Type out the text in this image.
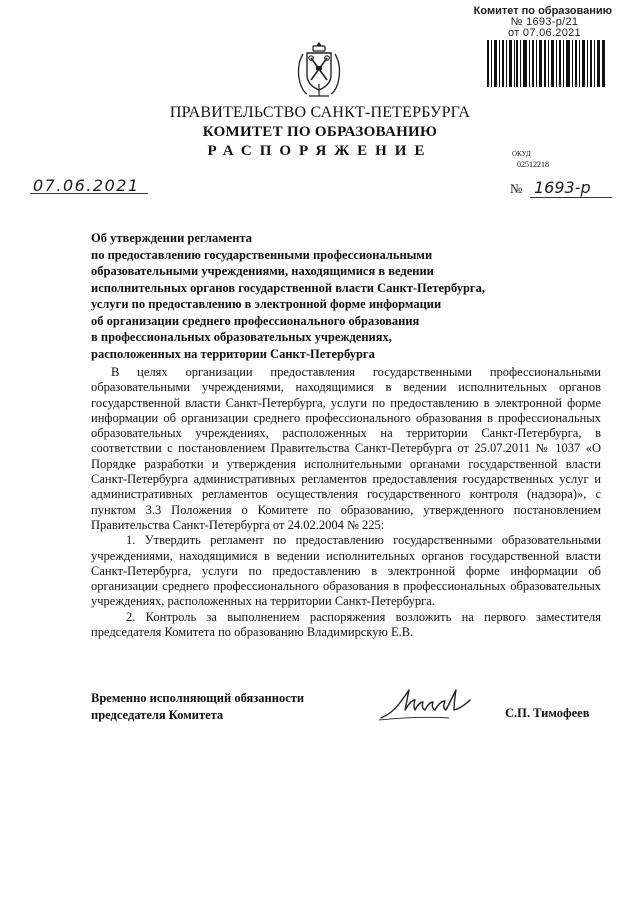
Комитет по образованию
№ 1693-р/21
от 07.06.2021
ПРАВИТЕЛЬСТВО САНКТ-ПЕТЕРБУРГА
КОМИТЕТ ПО ОБРАЗОВАНИЮ
РАСПОРЯЖЕНИЕ	ОКУД
02512218
07.06.2021	№ 1693-р
Об утверждении регламента
по предоставлению государственными профессиональными
образовательными учреждениями, находящимися в ведении
исполнительных органов государственной власти Санкт-Петербурга,
услуги по предоставлению в электронной форме информации
об организации среднего профессионального образования
в профессиональных образовательных учреждениях,
расположенных на территории Санкт-Петербурга

В целях организации предоставления государственными профессиональными образовательными учреждениями, находящимися в ведении исполнительных органов государственной власти Санкт-Петербурга, услуги по предоставлению в электронной форме информации об организации среднего профессионального образования в профессиональных образовательных учреждениях, расположенных на территории Санкт-Петербурга, в соответствии с постановлением Правительства Санкт-Петербурга от 25.07.2011 № 1037 «О Порядке разработки и утверждения исполнительными органами государственной власти Санкт-Петербурга административных регламентов предоставления государственных услуг и административных регламентов осуществления государственного контроля (надзора)», с пунктом 3.3 Положения о Комитете по образованию, утвержденного постановлением Правительства Санкт-Петербурга от 24.02.2004 № 225:

1. Утвердить регламент по предоставлению государственными образовательными учреждениями, находящимися в ведении исполнительных органов государственной власти Санкт-Петербурга, услуги по предоставлению в электронной форме информации об организации среднего профессионального образования в профессиональных образовательных учреждениях, расположенных на территории Санкт-Петербурга.

2. Контроль за выполнением распоряжения возложить на первого заместителя председателя Комитета по образованию Владимирскую Е.В.

Временно исполняющий обязанности
председателя Комитета	С.П. Тимофеев
